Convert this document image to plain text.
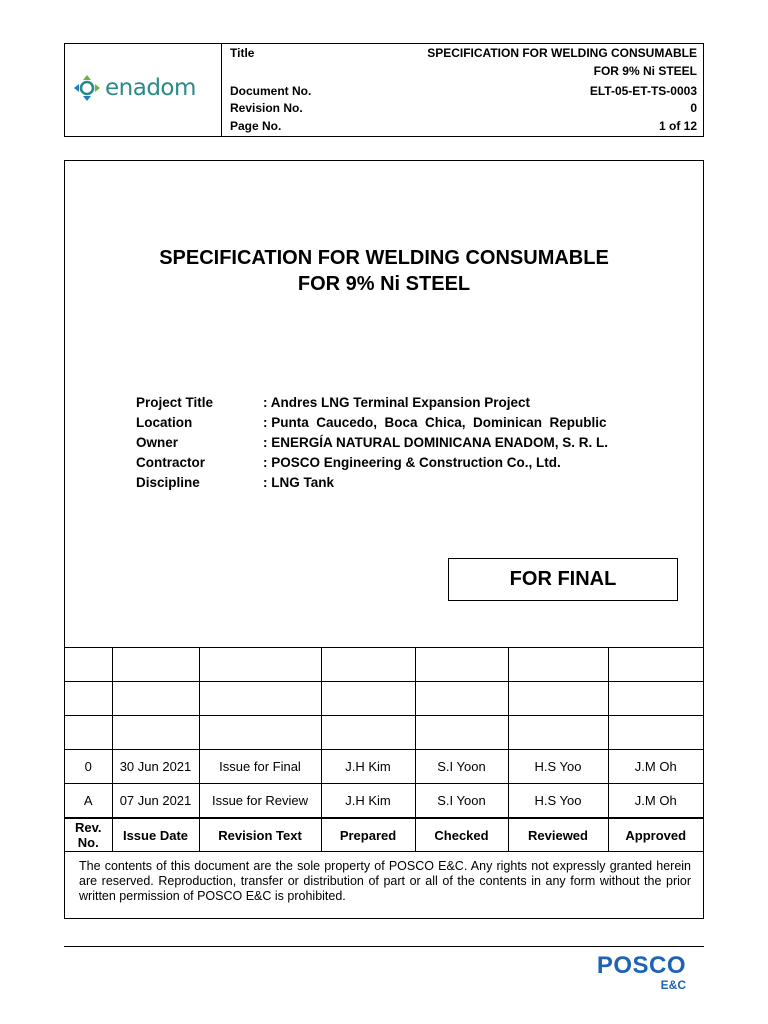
enadom
Title	SPECIFICATION FOR WELDING CONSUMABLE
FOR 9% Ni STEEL
Document No.	ELT-05-ET-TS-0003
Revision No.	0
Page No.	1 of 12
SPECIFICATION FOR WELDING CONSUMABLE
FOR 9% Ni STEEL
Project Title	: Andres LNG Terminal Expansion Project
Location	: Punta  Caucedo,  Boca  Chica,  Dominican  Republic
Owner	: ENERGÍA NATURAL DOMINICANA ENADOM, S. R. L.
Contractor	: POSCO Engineering & Construction Co., Ltd.
Discipline	: LNG Tank
FOR FINAL

0	30 Jun 2021	Issue for Final	J.H Kim	S.I Yoon	H.S Yoo	J.M Oh
A	07 Jun 2021	Issue for Review	J.H Kim	S.I Yoon	H.S Yoo	J.M Oh
Rev. No.	Issue Date	Revision Text	Prepared	Checked	Reviewed	Approved
The contents of this document are the sole property of POSCO E&C. Any rights not expressly granted herein are reserved. Reproduction, transfer or distribution of part or all of the contents in any form without the prior written permission of POSCO E&C is prohibited.
POSCO
E&C
